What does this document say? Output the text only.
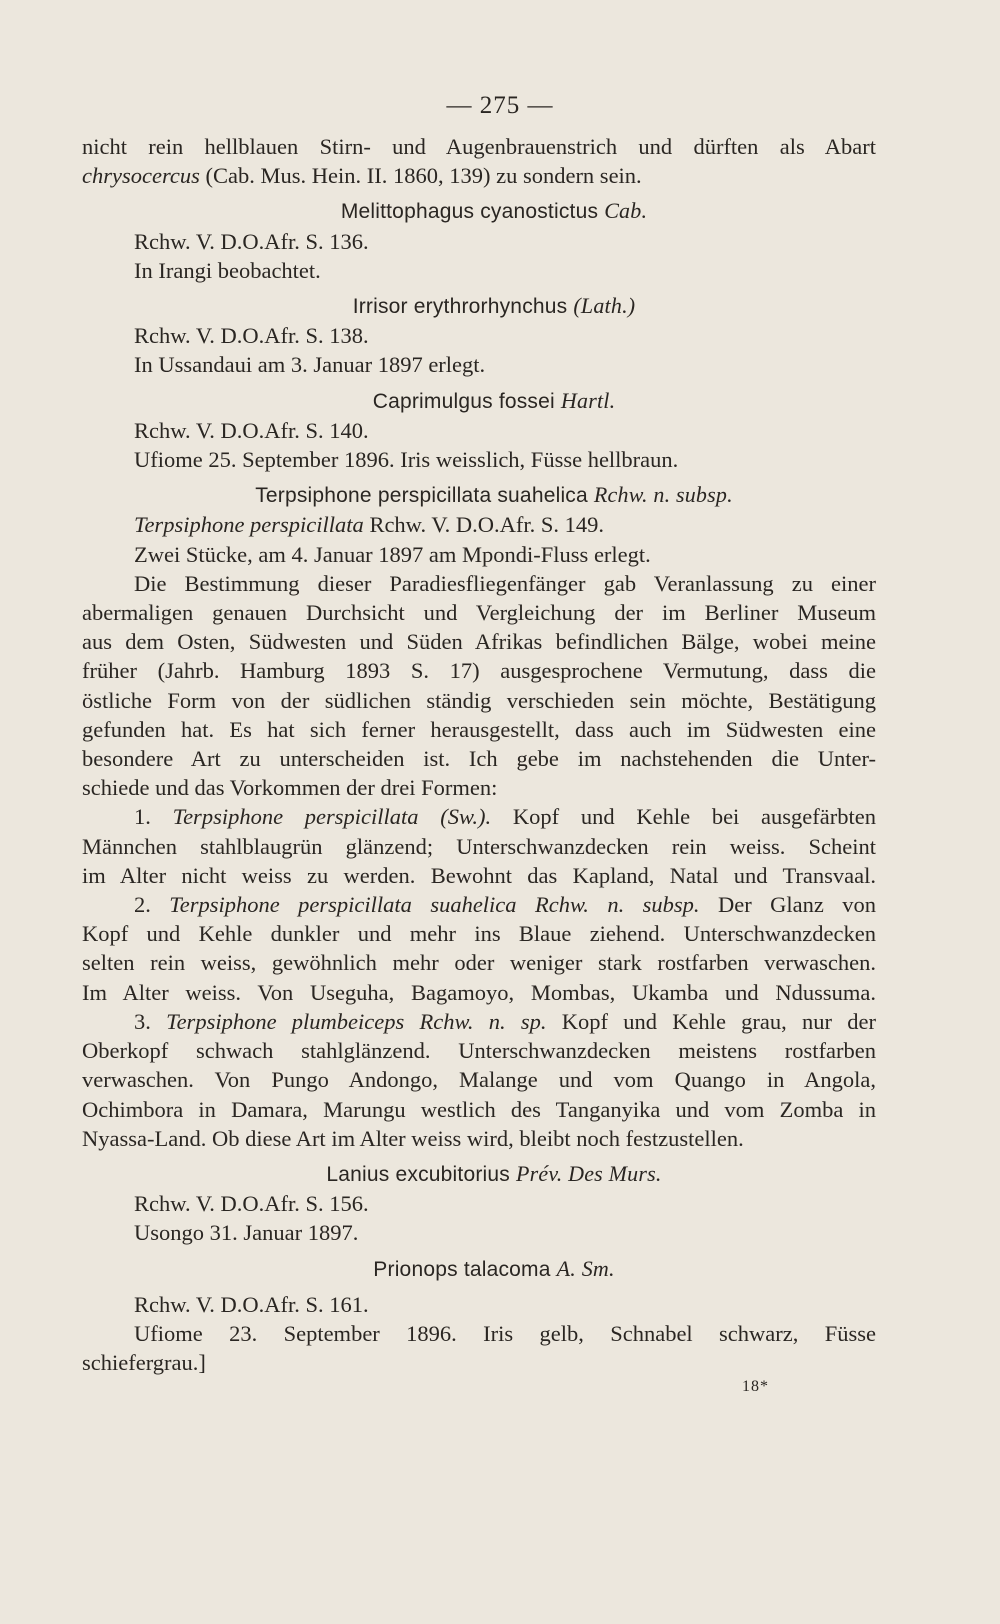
— 275 —
nicht rein hellblauen Stirn- und Augenbrauenstrich und dürften als Abart
chrysocercus (Cab. Mus. Hein. II. 1860, 139) zu sondern sein.
Melittophagus cyanostictus Cab.
Rchw. V. D.O.Afr. S. 136.
In Irangi beobachtet.
Irrisor erythrorhynchus (Lath.)
Rchw. V. D.O.Afr. S. 138.
In Ussandaui am 3. Januar 1897 erlegt.
Caprimulgus fossei Hartl.
Rchw. V. D.O.Afr. S. 140.
Ufiome 25. September 1896. Iris weisslich, Füsse hellbraun.
Terpsiphone perspicillata suahelica Rchw. n. subsp.
Terpsiphone perspicillata Rchw. V. D.O.Afr. S. 149.
Zwei Stücke, am 4. Januar 1897 am Mpondi-Fluss erlegt.
Die Bestimmung dieser Paradiesfliegenfänger gab Veranlassung zu einer
abermaligen genauen Durchsicht und Vergleichung der im Berliner Museum
aus dem Osten, Südwesten und Süden Afrikas befindlichen Bälge, wobei meine
früher (Jahrb. Hamburg 1893 S. 17) ausgesprochene Vermutung, dass die
östliche Form von der südlichen ständig verschieden sein möchte, Bestätigung
gefunden hat. Es hat sich ferner herausgestellt, dass auch im Südwesten eine
besondere Art zu unterscheiden ist. Ich gebe im nachstehenden die Unter-
schiede und das Vorkommen der drei Formen:
1. Terpsiphone perspicillata (Sw.). Kopf und Kehle bei ausgefärbten
Männchen stahlblaugrün glänzend; Unterschwanzdecken rein weiss. Scheint
im Alter nicht weiss zu werden. Bewohnt das Kapland, Natal und Transvaal.
2. Terpsiphone perspicillata suahelica Rchw. n. subsp. Der Glanz von
Kopf und Kehle dunkler und mehr ins Blaue ziehend. Unterschwanzdecken
selten rein weiss, gewöhnlich mehr oder weniger stark rostfarben verwaschen.
Im Alter weiss. Von Useguha, Bagamoyo, Mombas, Ukamba und Ndussuma.
3. Terpsiphone plumbeiceps Rchw. n. sp. Kopf und Kehle grau, nur der
Oberkopf schwach stahlglänzend. Unterschwanzdecken meistens rostfarben
verwaschen. Von Pungo Andongo, Malange und vom Quango in Angola,
Ochimbora in Damara, Marungu westlich des Tanganyika und vom Zomba in
Nyassa-Land. Ob diese Art im Alter weiss wird, bleibt noch festzustellen.
Lanius excubitorius Prév. Des Murs.
Rchw. V. D.O.Afr. S. 156.
Usongo 31. Januar 1897.
Prionops talacoma A. Sm.
Rchw. V. D.O.Afr. S. 161.
Ufiome 23. September 1896. Iris gelb, Schnabel schwarz, Füsse
schiefergrau.]
18*
